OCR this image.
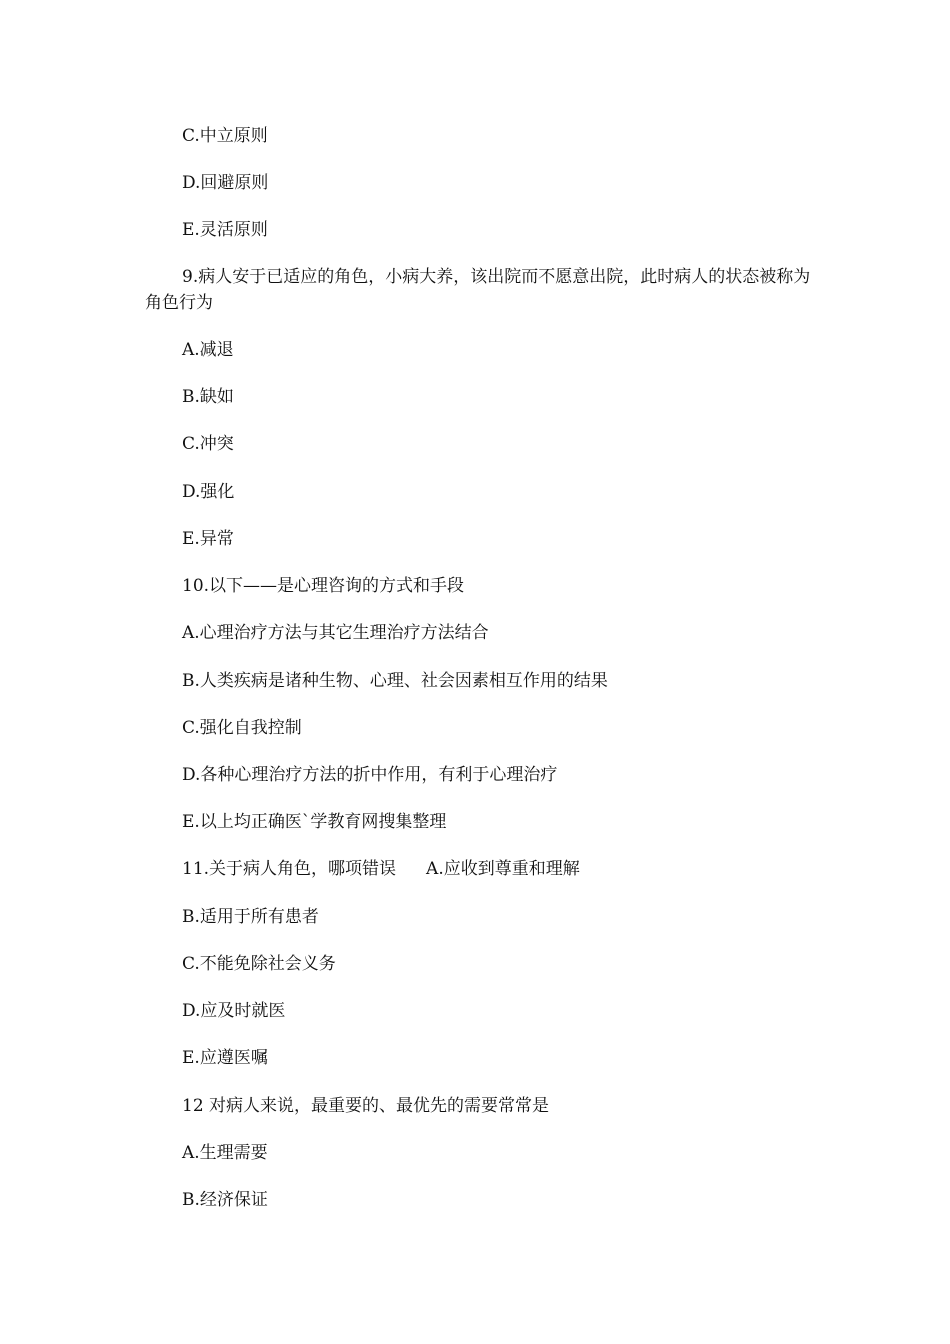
C.中立原则

D.回避原则

E.灵活原则

9.病人安于已适应的角色，小病大养，该出院而不愿意出院，此时病人的状态被称为角色行为

A.减退

B.缺如

C.冲突

D.强化

E.异常

10.以下——是心理咨询的方式和手段

A.心理治疗方法与其它生理治疗方法结合

B.人类疾病是诸种生物、心理、社会因素相互作用的结果

C.强化自我控制

D.各种心理治疗方法的折中作用，有利于心理治疗

E.以上均正确医`学教育网搜集整理

11.关于病人角色，哪项错误 A.应收到尊重和理解

B.适用于所有患者

C.不能免除社会义务

D.应及时就医

E.应遵医嘱

12 对病人来说，最重要的、最优先的需要常常是

A.生理需要

B.经济保证
